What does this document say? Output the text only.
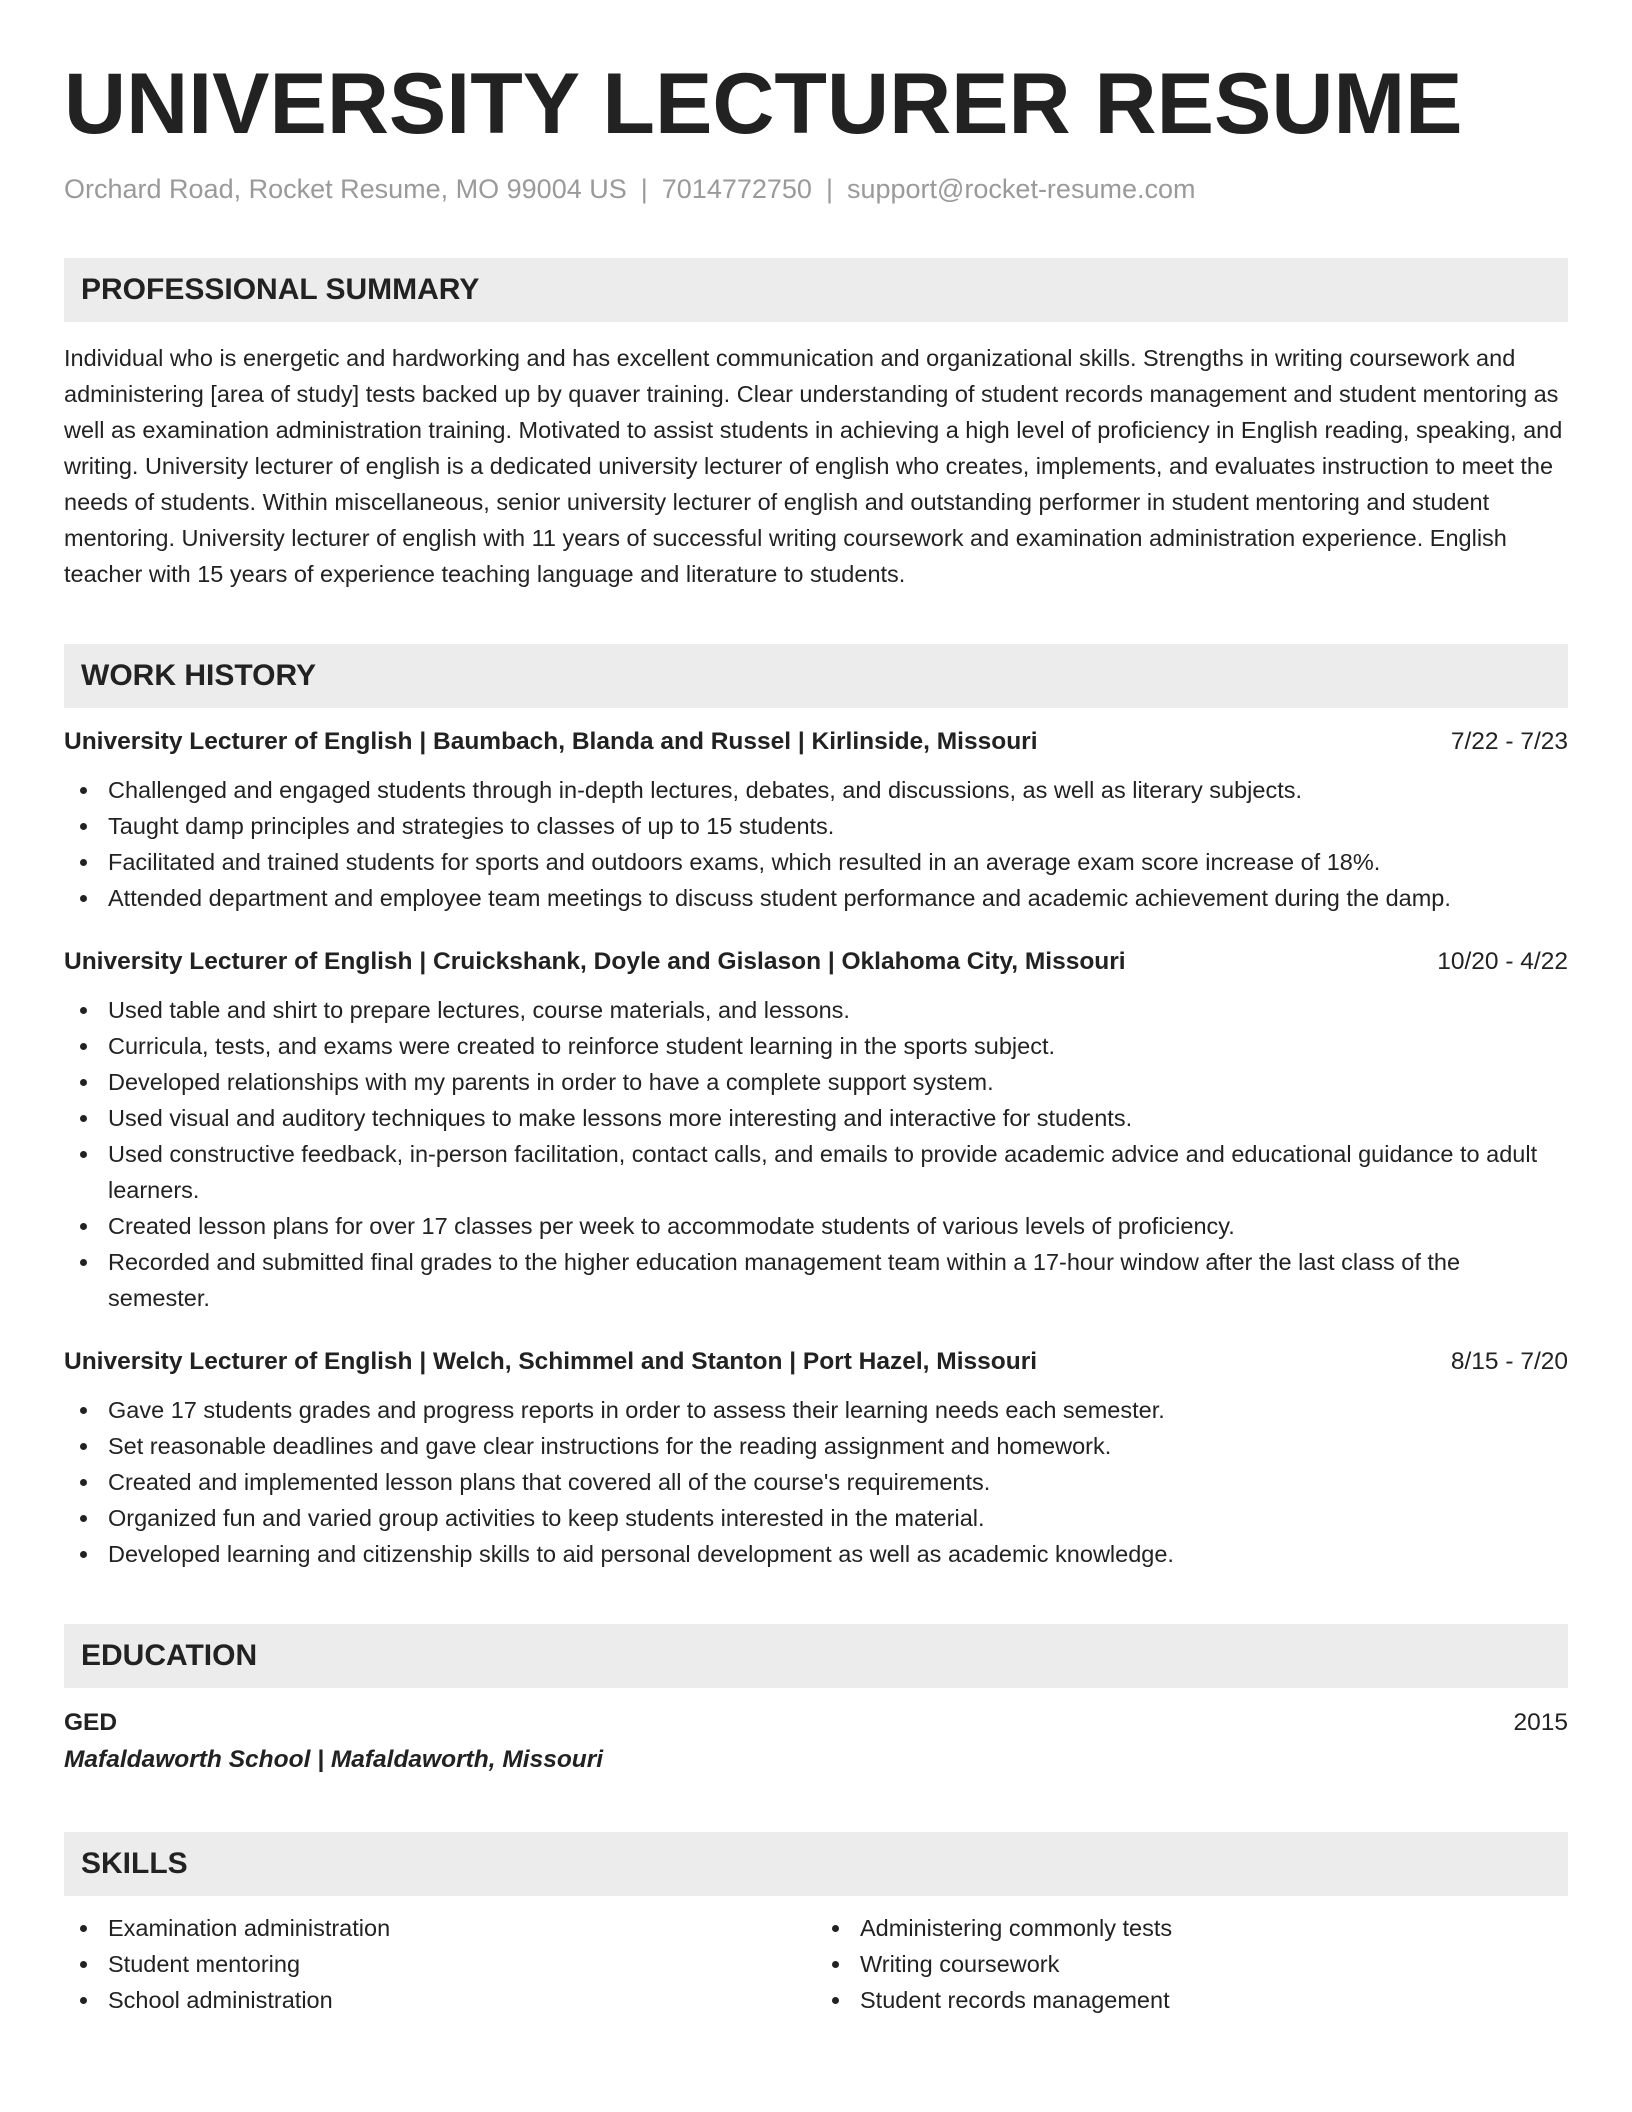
UNIVERSITY LECTURER RESUME
Orchard Road, Rocket Resume, MO 99004 US | 7014772750 | support@rocket-resume.com
PROFESSIONAL SUMMARY

Individual who is energetic and hardworking and has excellent communication and organizational skills. Strengths in writing coursework and administering [area of study] tests backed up by quaver training. Clear understanding of student records management and student mentoring as well as examination administration training. Motivated to assist students in achieving a high level of proficiency in English reading, speaking, and writing. University lecturer of english is a dedicated university lecturer of english who creates, implements, and evaluates instruction to meet the needs of students. Within miscellaneous, senior university lecturer of english and outstanding performer in student mentoring and student mentoring. University lecturer of english with 11 years of successful writing coursework and examination administration experience. English teacher with 15 years of experience teaching language and literature to students.

WORK HISTORY
University Lecturer of English | Baumbach, Blanda and Russel | Kirlinside, Missouri	7/22 - 7/23
Challenged and engaged students through in-depth lectures, debates, and discussions, as well as literary subjects.
Taught damp principles and strategies to classes of up to 15 students.
Facilitated and trained students for sports and outdoors exams, which resulted in an average exam score increase of 18%.
Attended department and employee team meetings to discuss student performance and academic achievement during the damp.
University Lecturer of English | Cruickshank, Doyle and Gislason | Oklahoma City, Missouri	10/20 - 4/22
Used table and shirt to prepare lectures, course materials, and lessons.
Curricula, tests, and exams were created to reinforce student learning in the sports subject.
Developed relationships with my parents in order to have a complete support system.
Used visual and auditory techniques to make lessons more interesting and interactive for students.
Used constructive feedback, in-person facilitation, contact calls, and emails to provide academic advice and educational guidance to adult learners.
Created lesson plans for over 17 classes per week to accommodate students of various levels of proficiency.
Recorded and submitted final grades to the higher education management team within a 17-hour window after the last class of the semester.
University Lecturer of English | Welch, Schimmel and Stanton | Port Hazel, Missouri	8/15 - 7/20
Gave 17 students grades and progress reports in order to assess their learning needs each semester.
Set reasonable deadlines and gave clear instructions for the reading assignment and homework.
Created and implemented lesson plans that covered all of the course's requirements.
Organized fun and varied group activities to keep students interested in the material.
Developed learning and citizenship skills to aid personal development as well as academic knowledge.
EDUCATION
GED	2015
Mafaldaworth School | Mafaldaworth, Missouri
SKILLS
Examination administration
Student mentoring
School administration
Administering commonly tests
Writing coursework
Student records management
